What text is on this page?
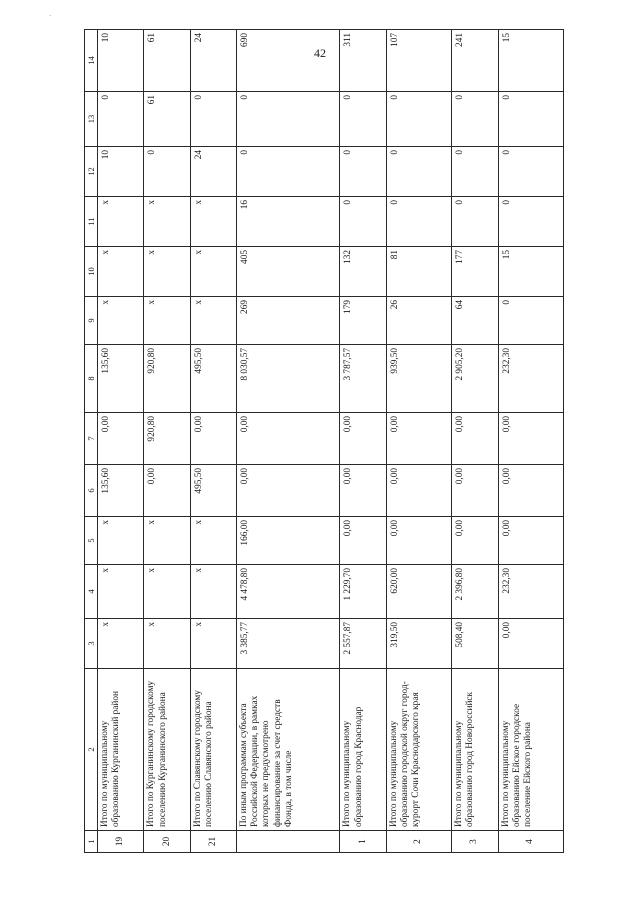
·
42
1	2	3	4	5	6	7	8	9	10	11	12	13	14
19	Итого по муниципальному образованию Курганинский район	x	x	x	135,60	0,00	135,60	x	x	x	10	0	10
20	Итого по Курганинскому городскому поселению Курганинского района	x	x	x	0,00	920,80	920,80	x	x	x	0	61	61
21	Итого по Славянскому городскому поселению Славянского района	x	x	x	495,50	0,00	495,50	x	x	x	24	0	24
	По иным программам субъекта Российской Федерации, в рамках которых не предусмотрено финансирование за счет средств Фонда, в том числе	3 385,77	4 478,80	166,00	0,00	0,00	8 030,57	269	405	16	0	0	690
1	Итого по муниципальному образованию город Краснодар	2 557,87	1 229,70	0,00	0,00	0,00	3 787,57	179	132	0	0	0	311
2	Итого по муниципальному образованию городской округ город-курорт Сочи Краснодарского края	319,50	620,00	0,00	0,00	0,00	939,50	26	81	0	0	0	107
3	Итого по муниципальному образованию город Новороссийск	508,40	2 396,80	0,00	0,00	0,00	2 905,20	64	177	0	0	0	241
4	Итого по муниципальному образованию Ейское городское поселение Ейского района	0,00	232,30	0,00	0,00	0,00	232,30	0	15	0	0	0	15
